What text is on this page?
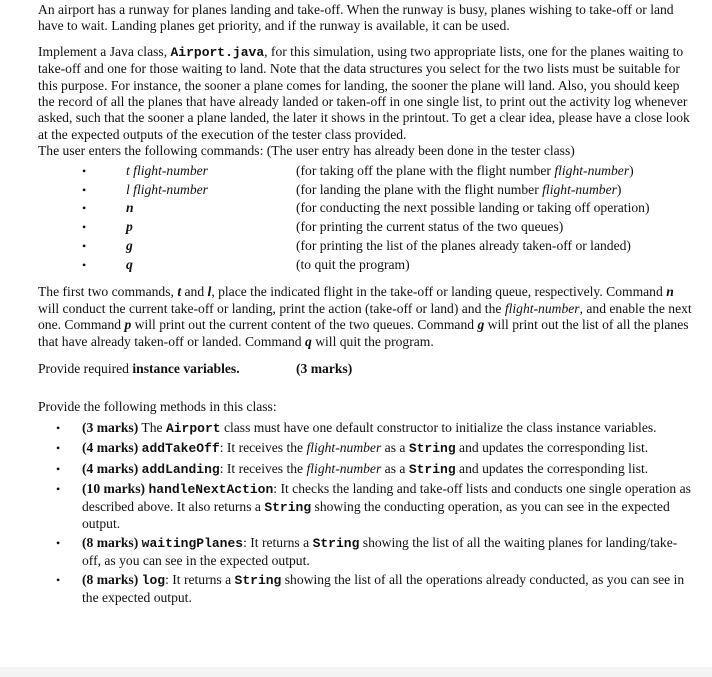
An airport has a runway for planes landing and take-off. When the runway is busy, planes wishing to take-off or land have to wait. Landing planes get priority, and if the runway is available, it can be used.

Implement a Java class, Airport.java, for this simulation, using two appropriate lists, one for the planes waiting to take-off and one for those waiting to land. Note that the data structures you select for the two lists must be suitable for this purpose. For instance, the sooner a plane comes for landing, the sooner the plane will land. Also, you should keep the record of all the planes that have already landed or taken-off in one single list, to print out the activity log whenever asked, such that the sooner a plane landed, the later it shows in the printout. To get a clear idea, please have a close look at the expected outputs of the execution of the tester class provided.

The user enters the following commands: (The user entry has already been done in the tester class)

•	t flight-number	(for taking off the plane with the flight number flight-number)
•	l flight-number	(for landing the plane with the flight number flight-number)
•	n	(for conducting the next possible landing or taking off operation)
•	p	(for printing the current status of the two queues)
•	g	(for printing the list of the planes already taken-off or landed)
•	q	(to quit the program)

The first two commands, t and l, place the indicated flight in the take-off or landing queue, respectively. Command n will conduct the current take-off or landing, print the action (take-off or land) and the flight-number, and enable the next one. Command p will print out the current content of the two queues. Command g will print out the list of all the planes that have already taken-off or landed. Command q will quit the program.

Provide required instance variables.	(3 marks)

Provide the following methods in this class:

• (3 marks) The Airport class must have one default constructor to initialize the class instance variables.
• (4 marks) addTakeOff: It receives the flight-number as a String and updates the corresponding list.
• (4 marks) addLanding: It receives the flight-number as a String and updates the corresponding list.
• (10 marks) handleNextAction: It checks the landing and take-off lists and conducts one single operation as described above. It also returns a String showing the conducting operation, as you can see in the expected output.
• (8 marks) waitingPlanes: It returns a String showing the list of all the waiting planes for landing/take-off, as you can see in the expected output.
• (8 marks) log: It returns a String showing the list of all the operations already conducted, as you can see in the expected output.
